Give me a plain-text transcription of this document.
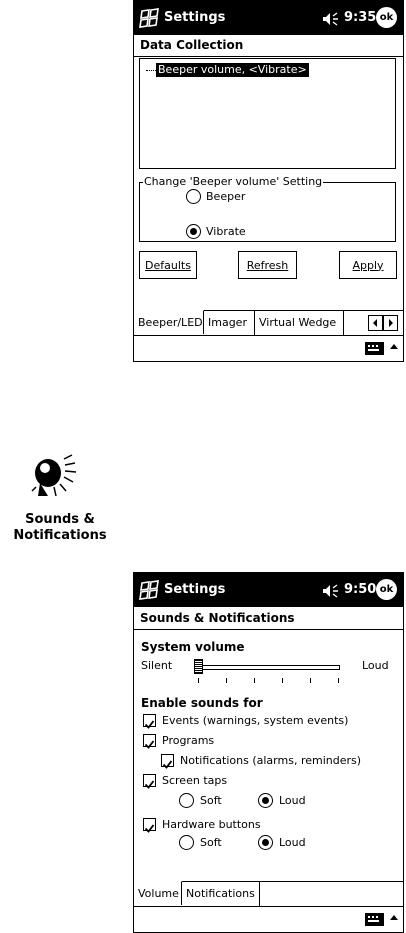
Settings	9:35 ok
Data Collection
Beeper volume, <Vibrate>
Change 'Beeper volume' Setting
Beeper
Vibrate
Defaults	Refresh	Apply
Beeper/LED Imager	Virtual Wedge
Sounds &
Notifications
Settings	9:50 ok
Sounds & Notifications
System volume
Silent	Loud
Enable sounds for
Events (warnings, system events)
Programs
Notifications (alarms, reminders)
Screen taps
Soft	Loud
Hardware buttons
Soft	Loud
Volume Notifications
